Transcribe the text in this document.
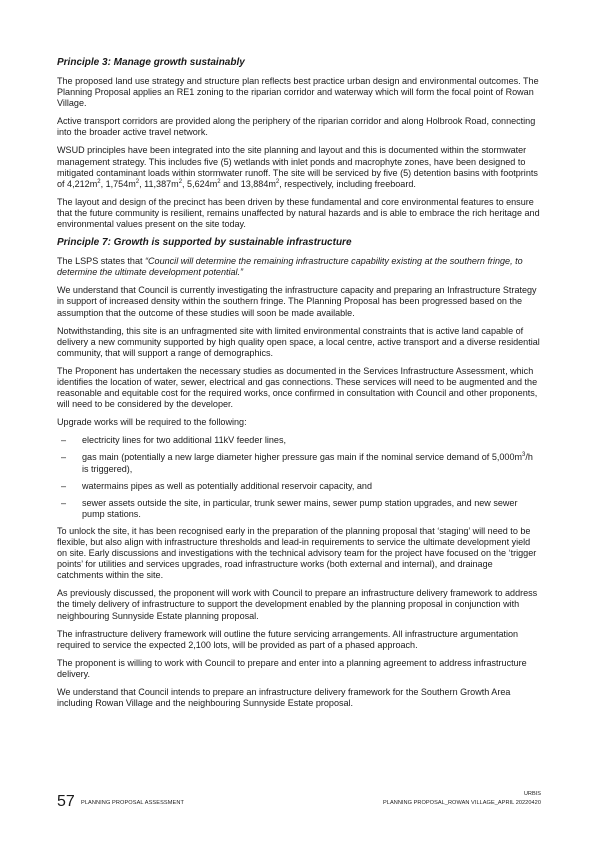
Principle 3: Manage growth sustainably

The proposed land use strategy and structure plan reflects best practice urban design and environmental outcomes. The Planning Proposal applies an RE1 zoning to the riparian corridor and waterway which will form the focal point of Rowan Village.

Active transport corridors are provided along the periphery of the riparian corridor and along Holbrook Road, connecting into the broader active travel network.

WSUD principles have been integrated into the site planning and layout and this is documented within the stormwater management strategy. This includes five (5) wetlands with inlet ponds and macrophyte zones, have been designed to mitigated contaminant loads within stormwater runoff. The site will be serviced by five (5) detention basins with footprints of $4,212m^2$, $1,754m^2$, $11,387m^2$, $5,624m^2$ and $13,884m^2$, respectively, including freeboard.

The layout and design of the precinct has been driven by these fundamental and core environmental features to ensure that the future community is resilient, remains unaffected by natural hazards and is able to embrace the rich heritage and environmental values present on the site today.

Principle 7: Growth is supported by sustainable infrastructure

The LSPS states that “Council will determine the remaining infrastructure capability existing at the southern fringe, to determine the ultimate development potential.”

We understand that Council is currently investigating the infrastructure capacity and preparing an Infrastructure Strategy in support of increased density within the southern fringe. The Planning Proposal has been progressed based on the assumption that the outcome of these studies will soon be made available.

Notwithstanding, this site is an unfragmented site with limited environmental constraints that is active land capable of delivery a new community supported by high quality open space, a local centre, active transport and a diverse residential community, that will support a range of demographics.

The Proponent has undertaken the necessary studies as documented in the Services Infrastructure Assessment, which identifies the location of water, sewer, electrical and gas connections. These services will need to be augmented and the reasonable and equitable cost for the required works, once confirmed in consultation with Council and other proponents, will need to be considered by the developer.

Upgrade works will be required to the following:

– electricity lines for two additional 11kV feeder lines,
– gas main (potentially a new large diameter higher pressure gas main if the nominal service demand of $5,000m^3/h$ is triggered),
– watermains pipes as well as potentially additional reservoir capacity, and
– sewer assets outside the site, in particular, trunk sewer mains, sewer pump station upgrades, and new sewer pump stations.

To unlock the site, it has been recognised early in the preparation of the planning proposal that ‘staging’ will need to be flexible, but also align with infrastructure thresholds and lead-in requirements to service the ultimate development yield on site. Early discussions and investigations with the technical advisory team for the project have focused on the ‘trigger points’ for utilities and services upgrades, road infrastructure works (both external and internal), and drainage catchments within the site.

As previously discussed, the proponent will work with Council to prepare an infrastructure delivery framework to address the timely delivery of infrastructure to support the development enabled by the planning proposal in conjunction with neighbouring Sunnyside Estate planning proposal.

The infrastructure delivery framework will outline the future servicing arrangements. All infrastructure argumentation required to service the expected 2,100 lots, will be provided as part of a phased approach.

The proponent is willing to work with Council to prepare and enter into a planning agreement to address infrastructure delivery.

We understand that Council intends to prepare an infrastructure delivery framework for the Southern Growth Area including Rowan Village and the neighbouring Sunnyside Estate proposal.

57 PLANNING PROPOSAL ASSESSMENT
URBIS
PLANNING PROPOSAL_ROWAN VILLAGE_APRIL 20220420
